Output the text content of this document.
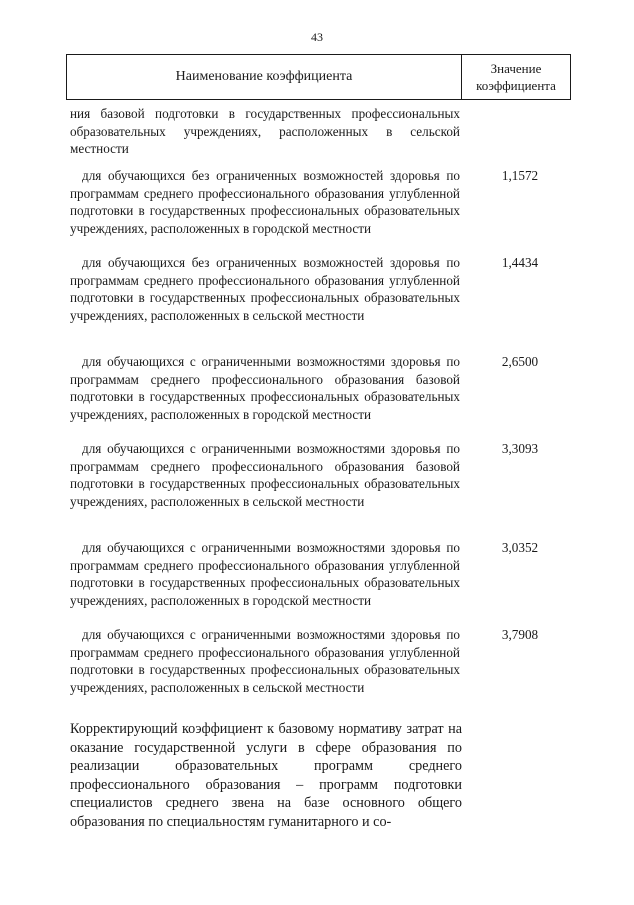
43
Наименование коэффициента
Значение коэффициента
ния базовой подготовки в государственных профессиональных образовательных учреждениях, расположенных в сельской местности
для обучающихся без ограниченных возможностей здоровья по программам среднего профессионального образования углубленной подготовки в государственных профессиональных образовательных учреждениях, расположенных в городской местности
1,1572
для обучающихся без ограниченных возможностей здоровья по программам среднего профессионального образования углубленной подготовки в государственных профессиональных образовательных учреждениях, расположенных в сельской местности
1,4434
для обучающихся с ограниченными возможностями здоровья по программам среднего профессионального образования базовой подготовки в государственных профессиональных образовательных учреждениях, расположенных в городской местности
2,6500
для обучающихся с ограниченными возможностями здоровья по программам среднего профессионального образования базовой подготовки в государственных профессиональных образовательных учреждениях, расположенных в сельской местности
3,3093
для обучающихся с ограниченными возможностями здоровья по программам среднего профессионального образования углубленной подготовки в государственных профессиональных образовательных учреждениях, расположенных в городской местности
3,0352
для обучающихся с ограниченными возможностями здоровья по программам среднего профессионального образования углубленной подготовки в государственных профессиональных образовательных учреждениях, расположенных в сельской местности
3,7908
Корректирующий коэффициент к базовому нормативу затрат на оказание государственной услуги в сфере образования по реализации образовательных программ среднего профессионального образования – программ подготовки специалистов среднего звена на базе основного общего образования по специальностям гуманитарного и со-
